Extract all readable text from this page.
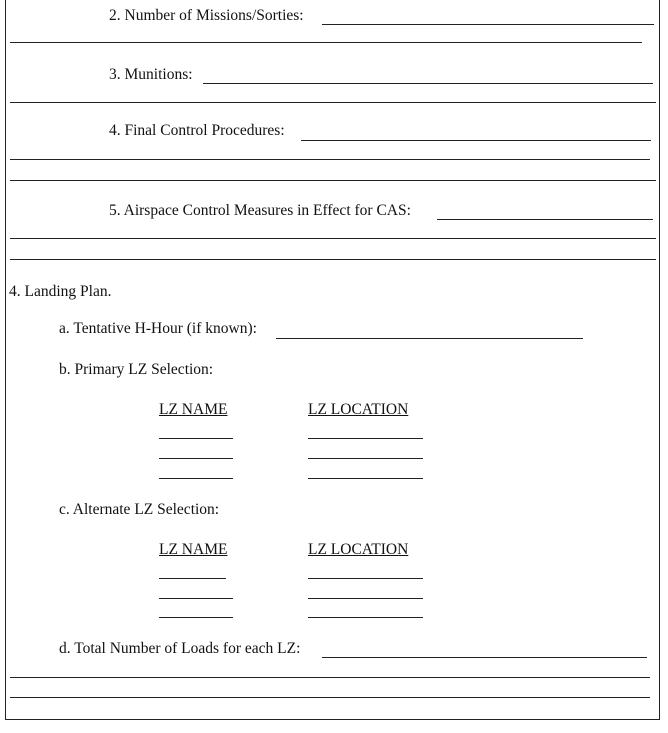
2. Number of Missions/Sorties:
3. Munitions:
4. Final Control Procedures:
5. Airspace Control Measures in Effect for CAS:
4. Landing Plan.
a. Tentative H-Hour (if known):
b. Primary LZ Selection:
LZ NAME	LZ LOCATION
c. Alternate LZ Selection:
LZ NAME	LZ LOCATION
d. Total Number of Loads for each LZ:
